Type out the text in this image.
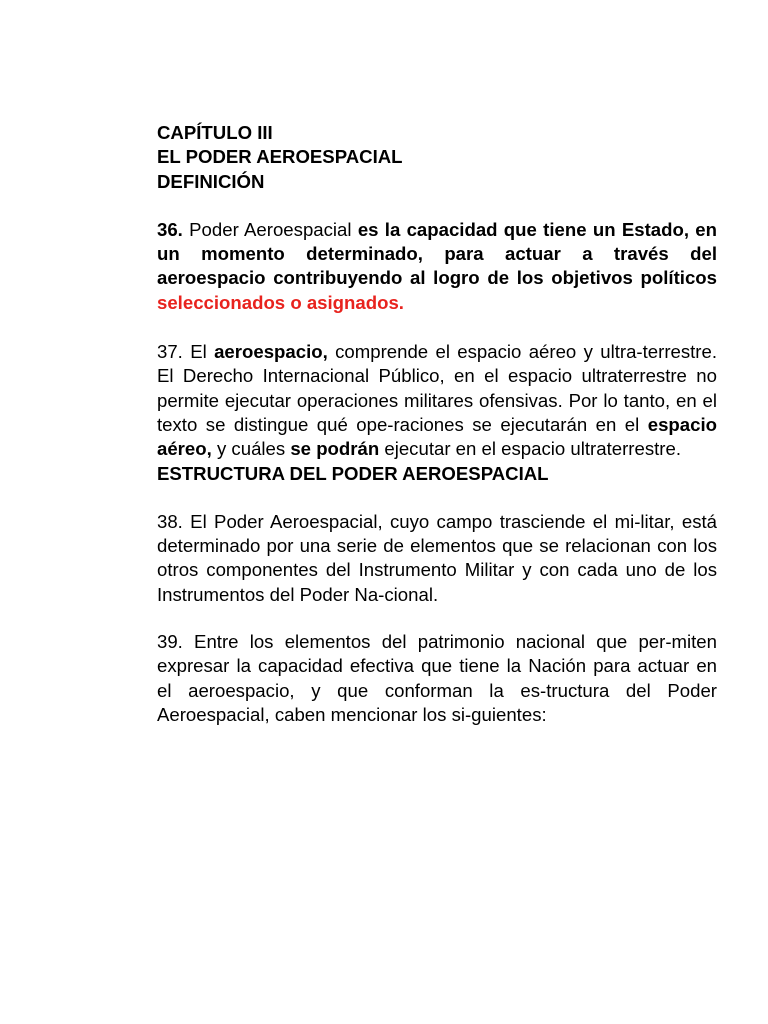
CAPÍTULO III
EL PODER AEROESPACIAL
DEFINICIÓN

36. Poder Aeroespacial es la capacidad que tiene un Estado, en un momento determinado, para actuar a través del aeroespacio contribuyendo al logro de los objetivos políticos seleccionados o asignados.

37. El aeroespacio, comprende el espacio aéreo y ultra-terrestre. El Derecho Internacional Público, en el espacio ultraterrestre no permite ejecutar operaciones militares ofensivas. Por lo tanto, en el texto se distingue qué ope-raciones se ejecutarán en el espacio aéreo, y cuáles se podrán ejecutar en el espacio ultraterrestre.

ESTRUCTURA DEL PODER AEROESPACIAL

38. El Poder Aeroespacial, cuyo campo trasciende el mi-litar, está determinado por una serie de elementos que se relacionan con los otros componentes del Instrumento Militar y con cada uno de los Instrumentos del Poder Na-cional.

39. Entre los elementos del patrimonio nacional que per-miten expresar la capacidad efectiva que tiene la Nación para actuar en el aeroespacio, y que conforman la es-tructura del Poder Aeroespacial, caben mencionar los si-guientes:
